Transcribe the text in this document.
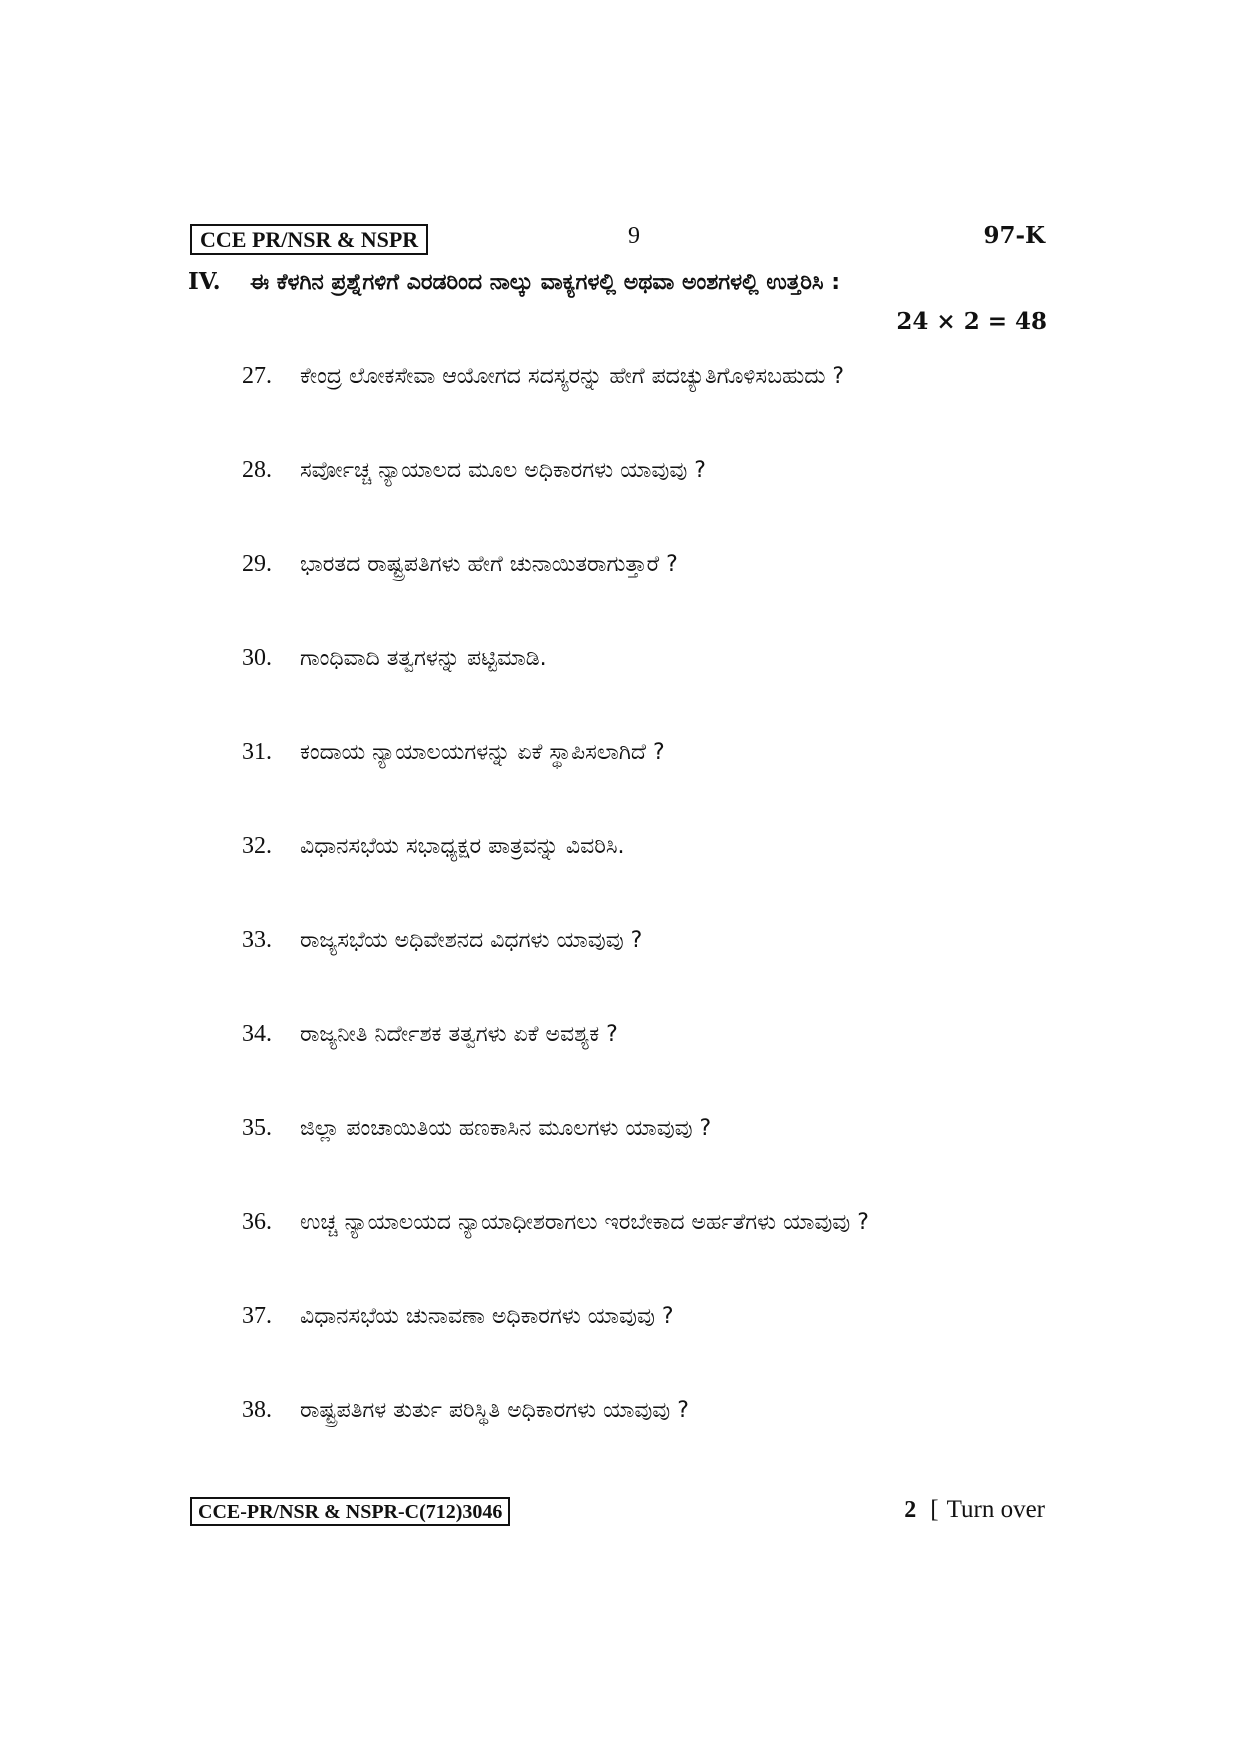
CCE PR/NSR & NSPR	9	97-K
IV.	ಈ ಕೆಳಗಿನ ಪ್ರಶ್ನೆಗಳಿಗೆ ಎರಡರಿಂದ ನಾಲ್ಕು ವಾಕ್ಯಗಳಲ್ಲಿ ಅಥವಾ ಅಂಶಗಳಲ್ಲಿ ಉತ್ತರಿಸಿ :
24 × 2 = 48
27.	ಕೇಂದ್ರ ಲೋಕಸೇವಾ ಆಯೋಗದ ಸದಸ್ಯರನ್ನು ಹೇಗೆ ಪದಚ್ಯುತಿಗೊಳಿಸಬಹುದು ?
28.	ಸರ್ವೋಚ್ಚ ನ್ಯಾಯಾಲದ ಮೂಲ ಅಧಿಕಾರಗಳು ಯಾವುವು ?
29.	ಭಾರತದ ರಾಷ್ಟ್ರಪತಿಗಳು ಹೇಗೆ ಚುನಾಯಿತರಾಗುತ್ತಾರೆ ?
30.	ಗಾಂಧಿವಾದಿ ತತ್ವಗಳನ್ನು ಪಟ್ಟಿಮಾಡಿ.
31.	ಕಂದಾಯ ನ್ಯಾಯಾಲಯಗಳನ್ನು ಏಕೆ ಸ್ಥಾಪಿಸಲಾಗಿದೆ ?
32.	ವಿಧಾನಸಭೆಯ ಸಭಾಧ್ಯಕ್ಷರ ಪಾತ್ರವನ್ನು ವಿವರಿಸಿ.
33.	ರಾಜ್ಯಸಭೆಯ ಅಧಿವೇಶನದ ವಿಧಗಳು ಯಾವುವು ?
34.	ರಾಜ್ಯನೀತಿ ನಿರ್ದೇಶಕ ತತ್ವಗಳು ಏಕೆ ಅವಶ್ಯಕ ?
35.	ಜಿಲ್ಲಾ ಪಂಚಾಯಿತಿಯ ಹಣಕಾಸಿನ ಮೂಲಗಳು ಯಾವುವು ?
36.	ಉಚ್ಚ ನ್ಯಾಯಾಲಯದ ನ್ಯಾಯಾಧೀಶರಾಗಲು ಇರಬೇಕಾದ ಅರ್ಹತೆಗಳು ಯಾವುವು ?
37.	ವಿಧಾನಸಭೆಯ ಚುನಾವಣಾ ಅಧಿಕಾರಗಳು ಯಾವುವು ?
38.	ರಾಷ್ಟ್ರಪತಿಗಳ ತುರ್ತು ಪರಿಸ್ಥಿತಿ ಅಧಿಕಾರಗಳು ಯಾವುವು ?
CCE-PR/NSR & NSPR-C(712)3046	2 [ Turn over
